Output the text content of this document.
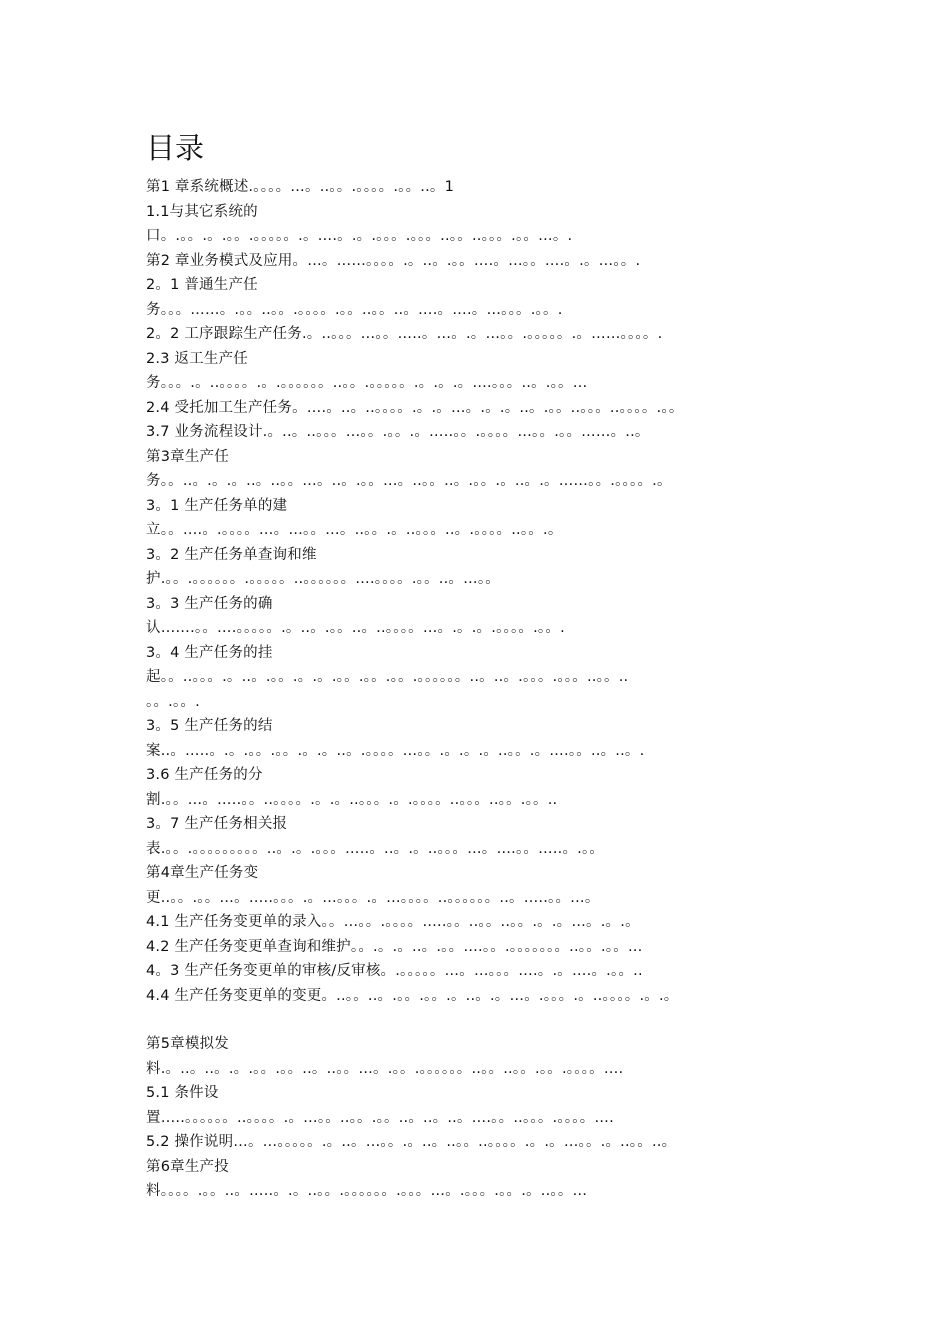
目录
第1 章系统概述.。。。。…。..。。.。。。。.。。..。1
1.1与其它系统的
口。.。。.。.。。.。。。。。.。….。.。.。。。.。。。..。。..。。。.。。…。.
第2 章业务模式及应用。…。……。。。。.。..。.。。….。…。。….。.。…。。.
2。1 普通生产任
务。。。……。.。。..。。.。。。。.。。..。。..。….。….。…。。。.。。.
2。2 工序跟踪生产任务.。..。。。…。。…..。…。.。…。。.。。。。。.。……。。。。.
2.3 返工生产任
务。。。.。..。。。。.。.。。。。。。..。。.。。。。。.。.。.。….。。。..。.。。…
2.4 受托加工生产任务。….。..。..。。。。.。.。…。.。.。..。.。。..。。。..。。。。.。。
3.7 业务流程设计.。..。..。。。…。。.。。.。…..。。.。。。。…。。.。。……。..。
第3章生产任
务。。..。.。.。..。..。。…。..。.。。…。..。。..。.。。.。..。.。……。。.。。。。.。
3。1 生产任务单的建
立。。….。.。。。。…。…。。…。..。。.。..。。。..。.。。。。..。。.。
3。2 生产任务单查询和维
护.。。.。。。。。。.。。。。。..。。。。。。….。。。。.。。..。…。。
3。3 生产任务的确
认…….。。….。。。。。.。..。.。。..。..。。。。…。.。.。.。。。。.。。.
3。4 生产任务的挂
起。。..。。。.。..。.。。.。.。.。。.。。.。。.。。。。。。..。..。.。。。.。。。..。。..
。。.。。.
3。5 生产任务的结
案..。…..。.。.。。.。。.。.。..。.。。。。…。。.。.。.。..。。.。….。。..。..。.
3.6 生产任务的分
割.。。…。…..。。..。。。。.。.。..。。。.。.。。。。..。。。..。。.。。..
3。7 生产任务相关报
表.。。.。。。。。。。。。..。.。.。。。…..。..。.。..。。。…。….。。…..。.。。
第4章生产任务变
更..。。.。。…。…..。。。.。…。。。.。…。。。。..。。。。。。..。…..。。…。
4.1 生产任务变更单的录入。。…。。.。。。。…..。。..。。..。。.。.。…。.。.。
4.2 生产任务变更单查询和维护。。.。.。..。.。。….。。.。。。。。。。..。。.。。…
4。3 生产任务变更单的审核/反审核。.。。。。。…。…。。。….。.。….。.。。..
4.4 生产任务变更单的变更。..。。..。.。。.。。.。..。.。…。.。。。.。..。。。。.。.。
第5章模拟发
料.。..。..。.。.。。.。。..。..。。…。.。。.。。。。。。..。。..。。.。。.。。。。….
5.1 条件设
置…..。。。。。。..。。。。.。…。。..。。.。。..。..。..。….。。..。。。.。。。。….
5.2 操作说明…。…。。。。。.。..。…。。.。..。..。。..。。。。.。.。…。。.。..。。..。
第6章生产投
料。。。。.。。..。…..。.。..。。.。。。。。。.。。。…。.。。。.。。.。..。。…
